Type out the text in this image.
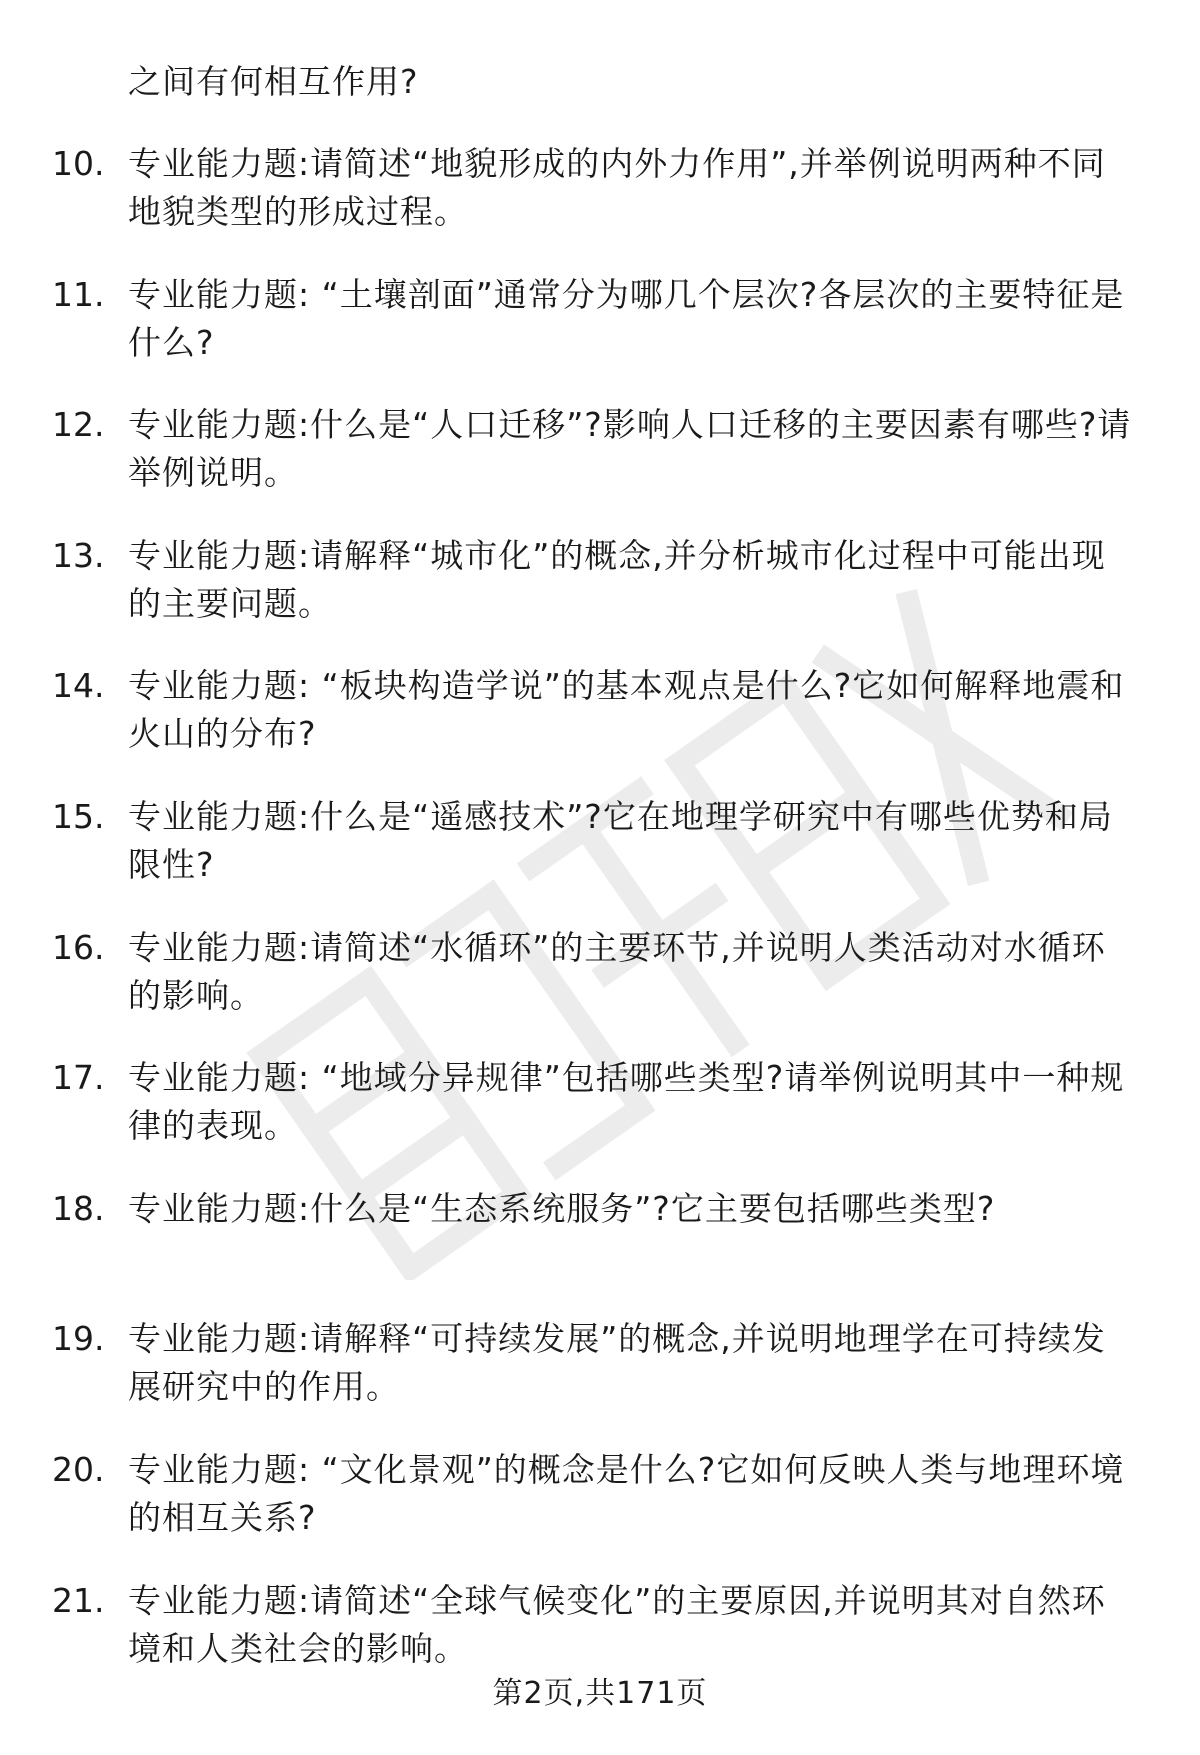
之间有何相互作用?
10. 专业能力题:请简述“地貌形成的内外力作用”,并举例说明两种不同地貌类型的形成过程。
11. 专业能力题: “土壤剖面”通常分为哪几个层次?各层次的主要特征是什么?
12. 专业能力题:什么是“人口迁移”?影响人口迁移的主要因素有哪些?请举例说明。
13. 专业能力题:请解释“城市化”的概念,并分析城市化过程中可能出现的主要问题。
14. 专业能力题: “板块构造学说”的基本观点是什么?它如何解释地震和火山的分布?
15. 专业能力题:什么是“遥感技术”?它在地理学研究中有哪些优势和局限性?
16. 专业能力题:请简述“水循环”的主要环节,并说明人类活动对水循环的影响。
17. 专业能力题: “地域分异规律”包括哪些类型?请举例说明其中一种规律的表现。
18. 专业能力题:什么是“生态系统服务”?它主要包括哪些类型?
19. 专业能力题:请解释“可持续发展”的概念,并说明地理学在可持续发展研究中的作用。
20. 专业能力题: “文化景观”的概念是什么?它如何反映人类与地理环境的相互关系?
21. 专业能力题:请简述“全球气候变化”的主要原因,并说明其对自然环境和人类社会的影响。
第2页,共171页
